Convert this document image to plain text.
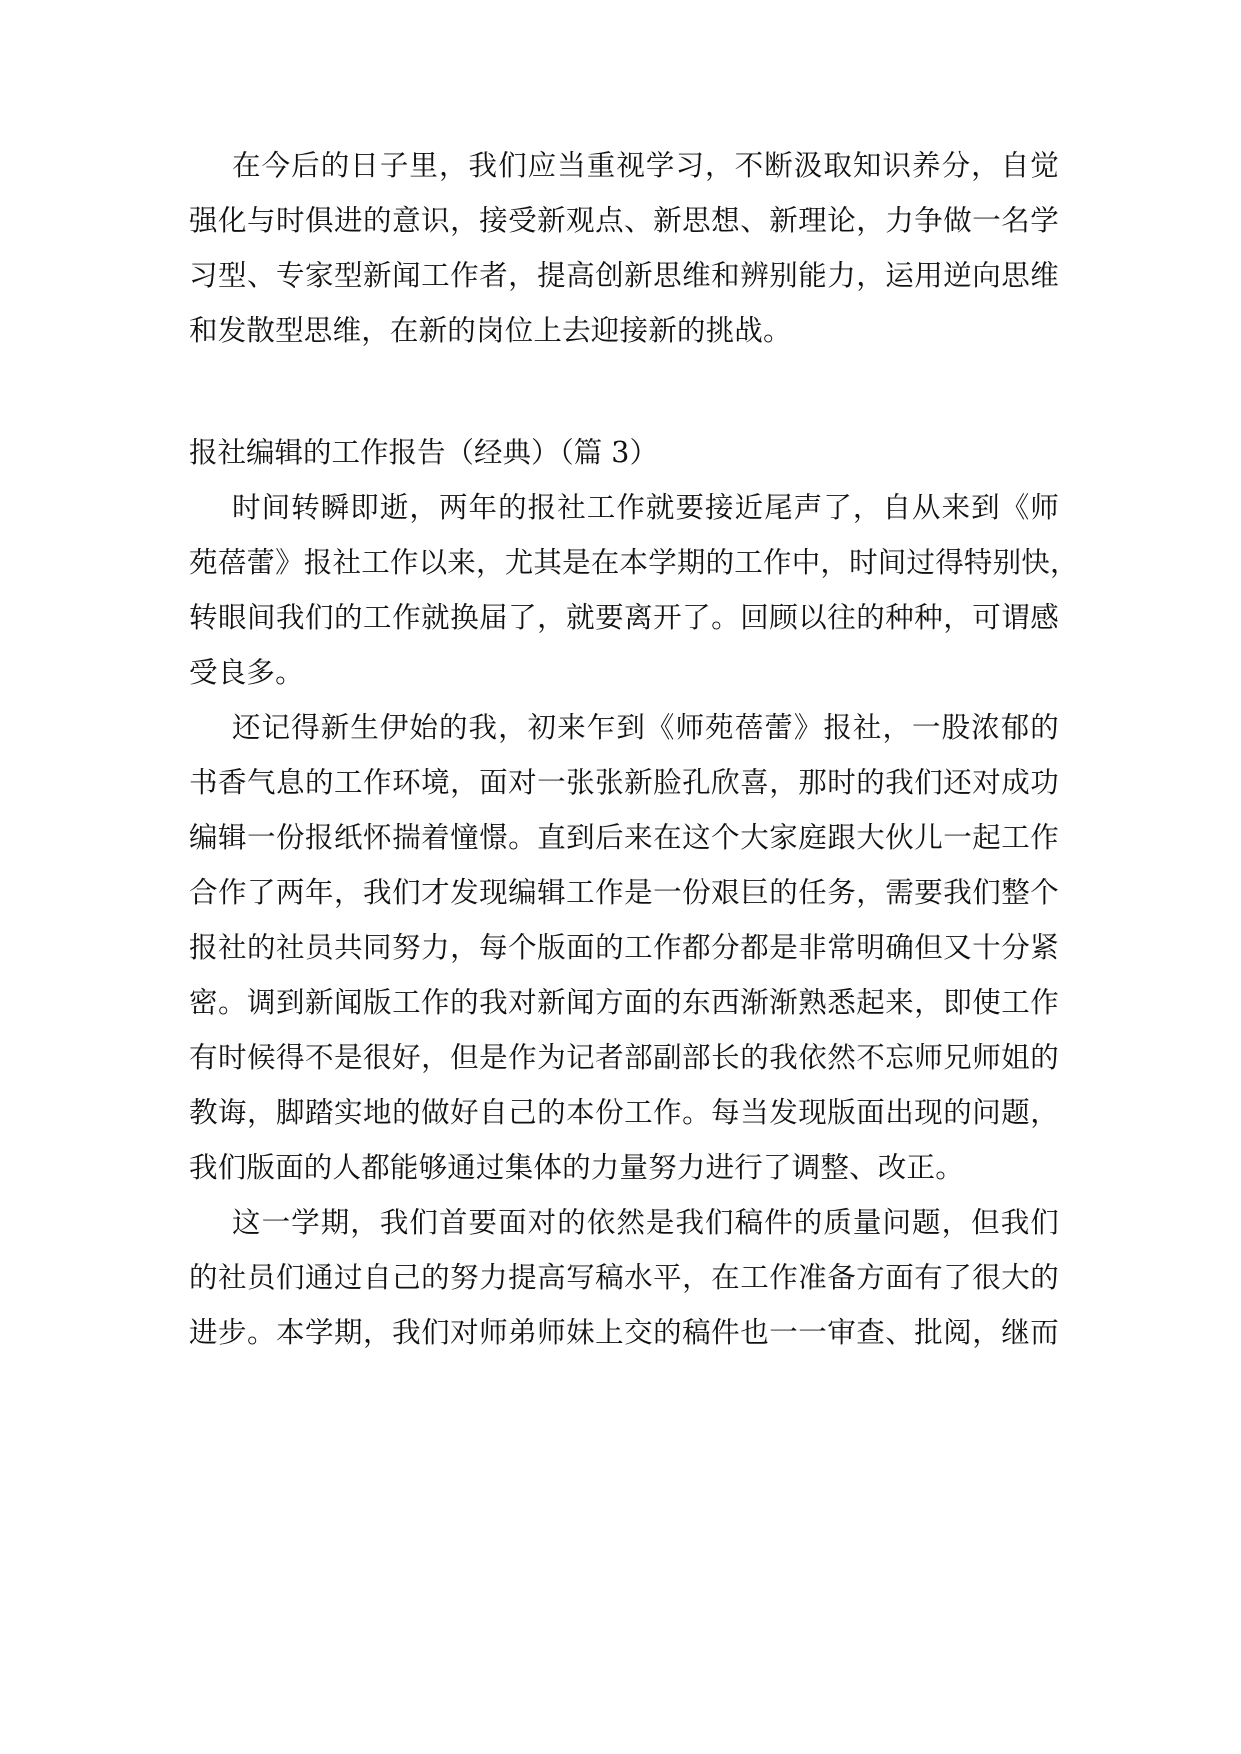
在今后的日子里，我们应当重视学习，不断汲取知识养分，自觉
强化与时俱进的意识，接受新观点、新思想、新理论，力争做一名学
习型、专家型新闻工作者，提高创新思维和辨别能力，运用逆向思维
和发散型思维，在新的岗位上去迎接新的挑战。
报社编辑的工作报告（经典）（篇 3）
时间转瞬即逝，两年的报社工作就要接近尾声了，自从来到《师
苑蓓蕾》报社工作以来，尤其是在本学期的工作中，时间过得特别快，
转眼间我们的工作就换届了，就要离开了。回顾以往的种种，可谓感
受良多。
还记得新生伊始的我，初来乍到《师苑蓓蕾》报社，一股浓郁的
书香气息的工作环境，面对一张张新脸孔欣喜，那时的我们还对成功
编辑一份报纸怀揣着憧憬。直到后来在这个大家庭跟大伙儿一起工作
合作了两年，我们才发现编辑工作是一份艰巨的任务，需要我们整个
报社的社员共同努力，每个版面的工作都分都是非常明确但又十分紧
密。调到新闻版工作的我对新闻方面的东西渐渐熟悉起来，即使工作
有时候得不是很好，但是作为记者部副部长的我依然不忘师兄师姐的
教诲，脚踏实地的做好自己的本份工作。每当发现版面出现的问题，
我们版面的人都能够通过集体的力量努力进行了调整、改正。
这一学期，我们首要面对的依然是我们稿件的质量问题，但我们
的社员们通过自己的努力提高写稿水平，在工作准备方面有了很大的
进步。本学期，我们对师弟师妹上交的稿件也一一审查、批阅，继而
